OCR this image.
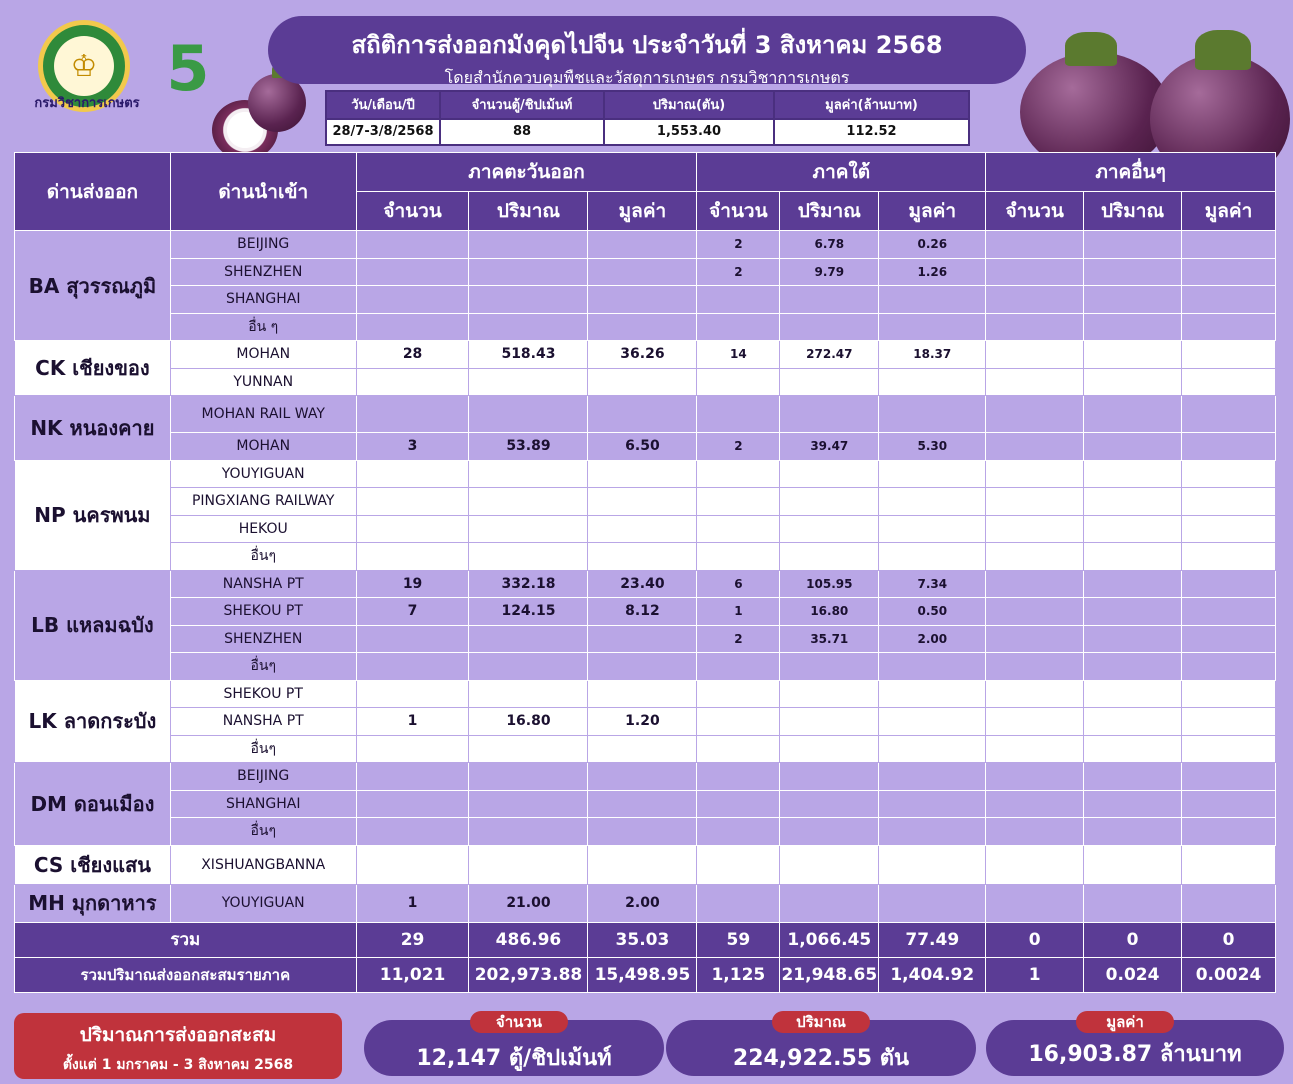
♔
กรมวิชาการเกษตร 5	สถิติการส่งออกมังคุดไปจีน ประจำวันที่ 3 สิงหาคม 2568
โดยสำนักควบคุมพืชและวัสดุการเกษตร กรมวิชาการเกษตร
วัน/เดือน/ปี	จำนวนตู้/ชิปเม้นท์	ปริมาณ(ตัน)	มูลค่า(ล้านบาท)
28/7-3/8/2568	88	1,553.40	112.52
ด่านส่งออก	ด่านนำเข้า	ภาคตะวันออก			ภาคใต้			ภาคอื่นๆ		
		จำนวน	ปริมาณ	มูลค่า	จำนวน	ปริมาณ	มูลค่า	จำนวน	ปริมาณ	มูลค่า
BA สุวรรณภูมิ	BEIJING				2	6.78	0.26			
	SHENZHEN				2	9.79	1.26			
	SHANGHAI									
	อื่น ๆ									
CK เชียงของ	MOHAN	28	518.43	36.26	14	272.47	18.37			
	YUNNAN									
NK หนองคาย	MOHAN RAIL WAY									
	MOHAN	3	53.89	6.50	2	39.47	5.30			
NP นครพนม	YOUYIGUAN									
	PINGXIANG RAILWAY									
	HEKOU									
	อื่นๆ									
LB แหลมฉบัง	NANSHA PT	19	332.18	23.40	6	105.95	7.34			
	SHEKOU PT	7	124.15	8.12	1	16.80	0.50			
	SHENZHEN				2	35.71	2.00			
	อื่นๆ									
LK ลาดกระบัง	SHEKOU PT									
	NANSHA PT	1	16.80	1.20						
	อื่นๆ									
DM ดอนเมือง	BEIJING									
	SHANGHAI									
	อื่นๆ									
CS เชียงแสน	XISHUANGBANNA									
MH มุกดาหาร	YOUYIGUAN	1	21.00	2.00						
รวม		29	486.96	35.03	59	1,066.45	77.49	0	0	0
รวมปริมาณส่งออกสะสมรายภาค		11,021	202,973.88	15,498.95	1,125	21,948.65	1,404.92	1	0.024	0.0024
ปริมาณการส่งออกสะสม
ตั้งแต่ 1 มกราคม - 3 สิงหาคม 2568	12,147 ตู้/ชิปเม้นท์
จำนวน
224,922.55 ตัน
ปริมาณ
16,903.87 ล้านบาท
มูลค่า
